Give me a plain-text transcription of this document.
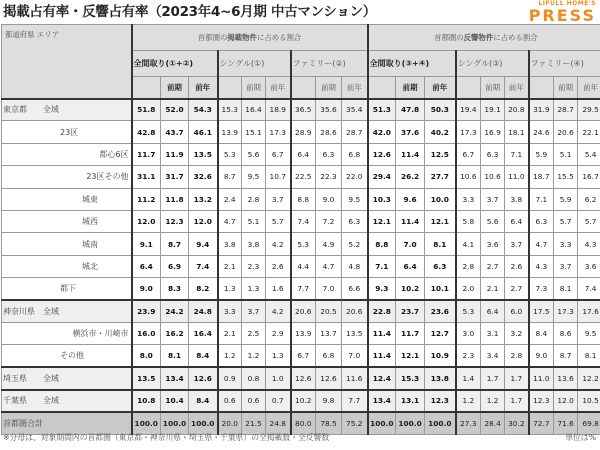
掲載占有率・反響占有率（2023年4~6月期 中古マンション）
LIFULL HOME'S
PRESS
都道府県 エリア	首都圏の掲載物件に占める割合									首都圏の反響物件に占める割合								
	全間取り(①+②)			シングル(①)			ファミリー(②)			全間取り(③+④)			シングル(③)			ファミリー(④)		
		前期	前年		前期	前年		前期	前年		前期	前年		前期	前年		前期	前年
東京都 全域	51.8	52.0	54.3	15.3	16.4	18.9	36.5	35.6	35.4	51.3	47.8	50.3	19.4	19.1	20.8	31.9	28.7	29.5
23区	42.8	43.7	46.1	13.9	15.1	17.3	28.9	28.6	28.7	42.0	37.6	40.2	17.3	16.9	18.1	24.6	20.6	22.1
都心6区	11.7	11.9	13.5	5.3	5.6	6.7	6.4	6.3	6.8	12.6	11.4	12.5	6.7	6.3	7.1	5.9	5.1	5.4
23区その他	31.1	31.7	32.6	8.7	9.5	10.7	22.5	22.3	22.0	29.4	26.2	27.7	10.6	10.6	11.0	18.7	15.5	16.7
城東	11.2	11.8	13.2	2.4	2.8	3.7	8.8	9.0	9.5	10.3	9.6	10.0	3.3	3.7	3.8	7.1	5.9	6.2
城西	12.0	12.3	12.0	4.7	5.1	5.7	7.4	7.2	6.3	12.1	11.4	12.1	5.8	5.6	6.4	6.3	5.7	5.7
城南	9.1	8.7	9.4	3.8	3.8	4.2	5.3	4.9	5.2	8.8	7.0	8.1	4.1	3.6	3.7	4.7	3.3	4.3
城北	6.4	6.9	7.4	2.1	2.3	2.6	4.4	4.7	4.8	7.1	6.4	6.3	2.8	2.7	2.6	4.3	3.7	3.6
都下	9.0	8.3	8.2	1.3	1.3	1.6	7.7	7.0	6.6	9.3	10.2	10.1	2.0	2.1	2.7	7.3	8.1	7.4
神奈川県 全域	23.9	24.2	24.8	3.3	3.7	4.2	20.6	20.5	20.6	22.8	23.7	23.6	5.3	6.4	6.0	17.5	17.3	17.6
横浜市・川崎市	16.0	16.2	16.4	2.1	2.5	2.9	13.9	13.7	13.5	11.4	11.7	12.7	3.0	3.1	3.2	8.4	8.6	9.5
その他	8.0	8.1	8.4	1.2	1.2	1.3	6.7	6.8	7.0	11.4	12.1	10.9	2.3	3.4	2.8	9.0	8.7	8.1
埼玉県 全域	13.5	13.4	12.6	0.9	0.8	1.0	12.6	12.6	11.6	12.4	15.3	13.8	1.4	1.7	1.7	11.0	13.6	12.2
千葉県 全域	10.8	10.4	8.4	0.6	0.6	0.7	10.2	9.8	7.7	13.4	13.1	12.3	1.2	1.2	1.7	12.3	12.0	10.5
首都圏合計	100.0	100.0	100.0	20.0	21.5	24.8	80.0	78.5	75.2	100.0	100.0	100.0	27.3	28.4	30.2	72.7	71.6	69.8
※分母は、対象期間内の首都圏（東京都・神奈川県・埼玉県・千葉県）の全掲載数・全反響数	単位は%
